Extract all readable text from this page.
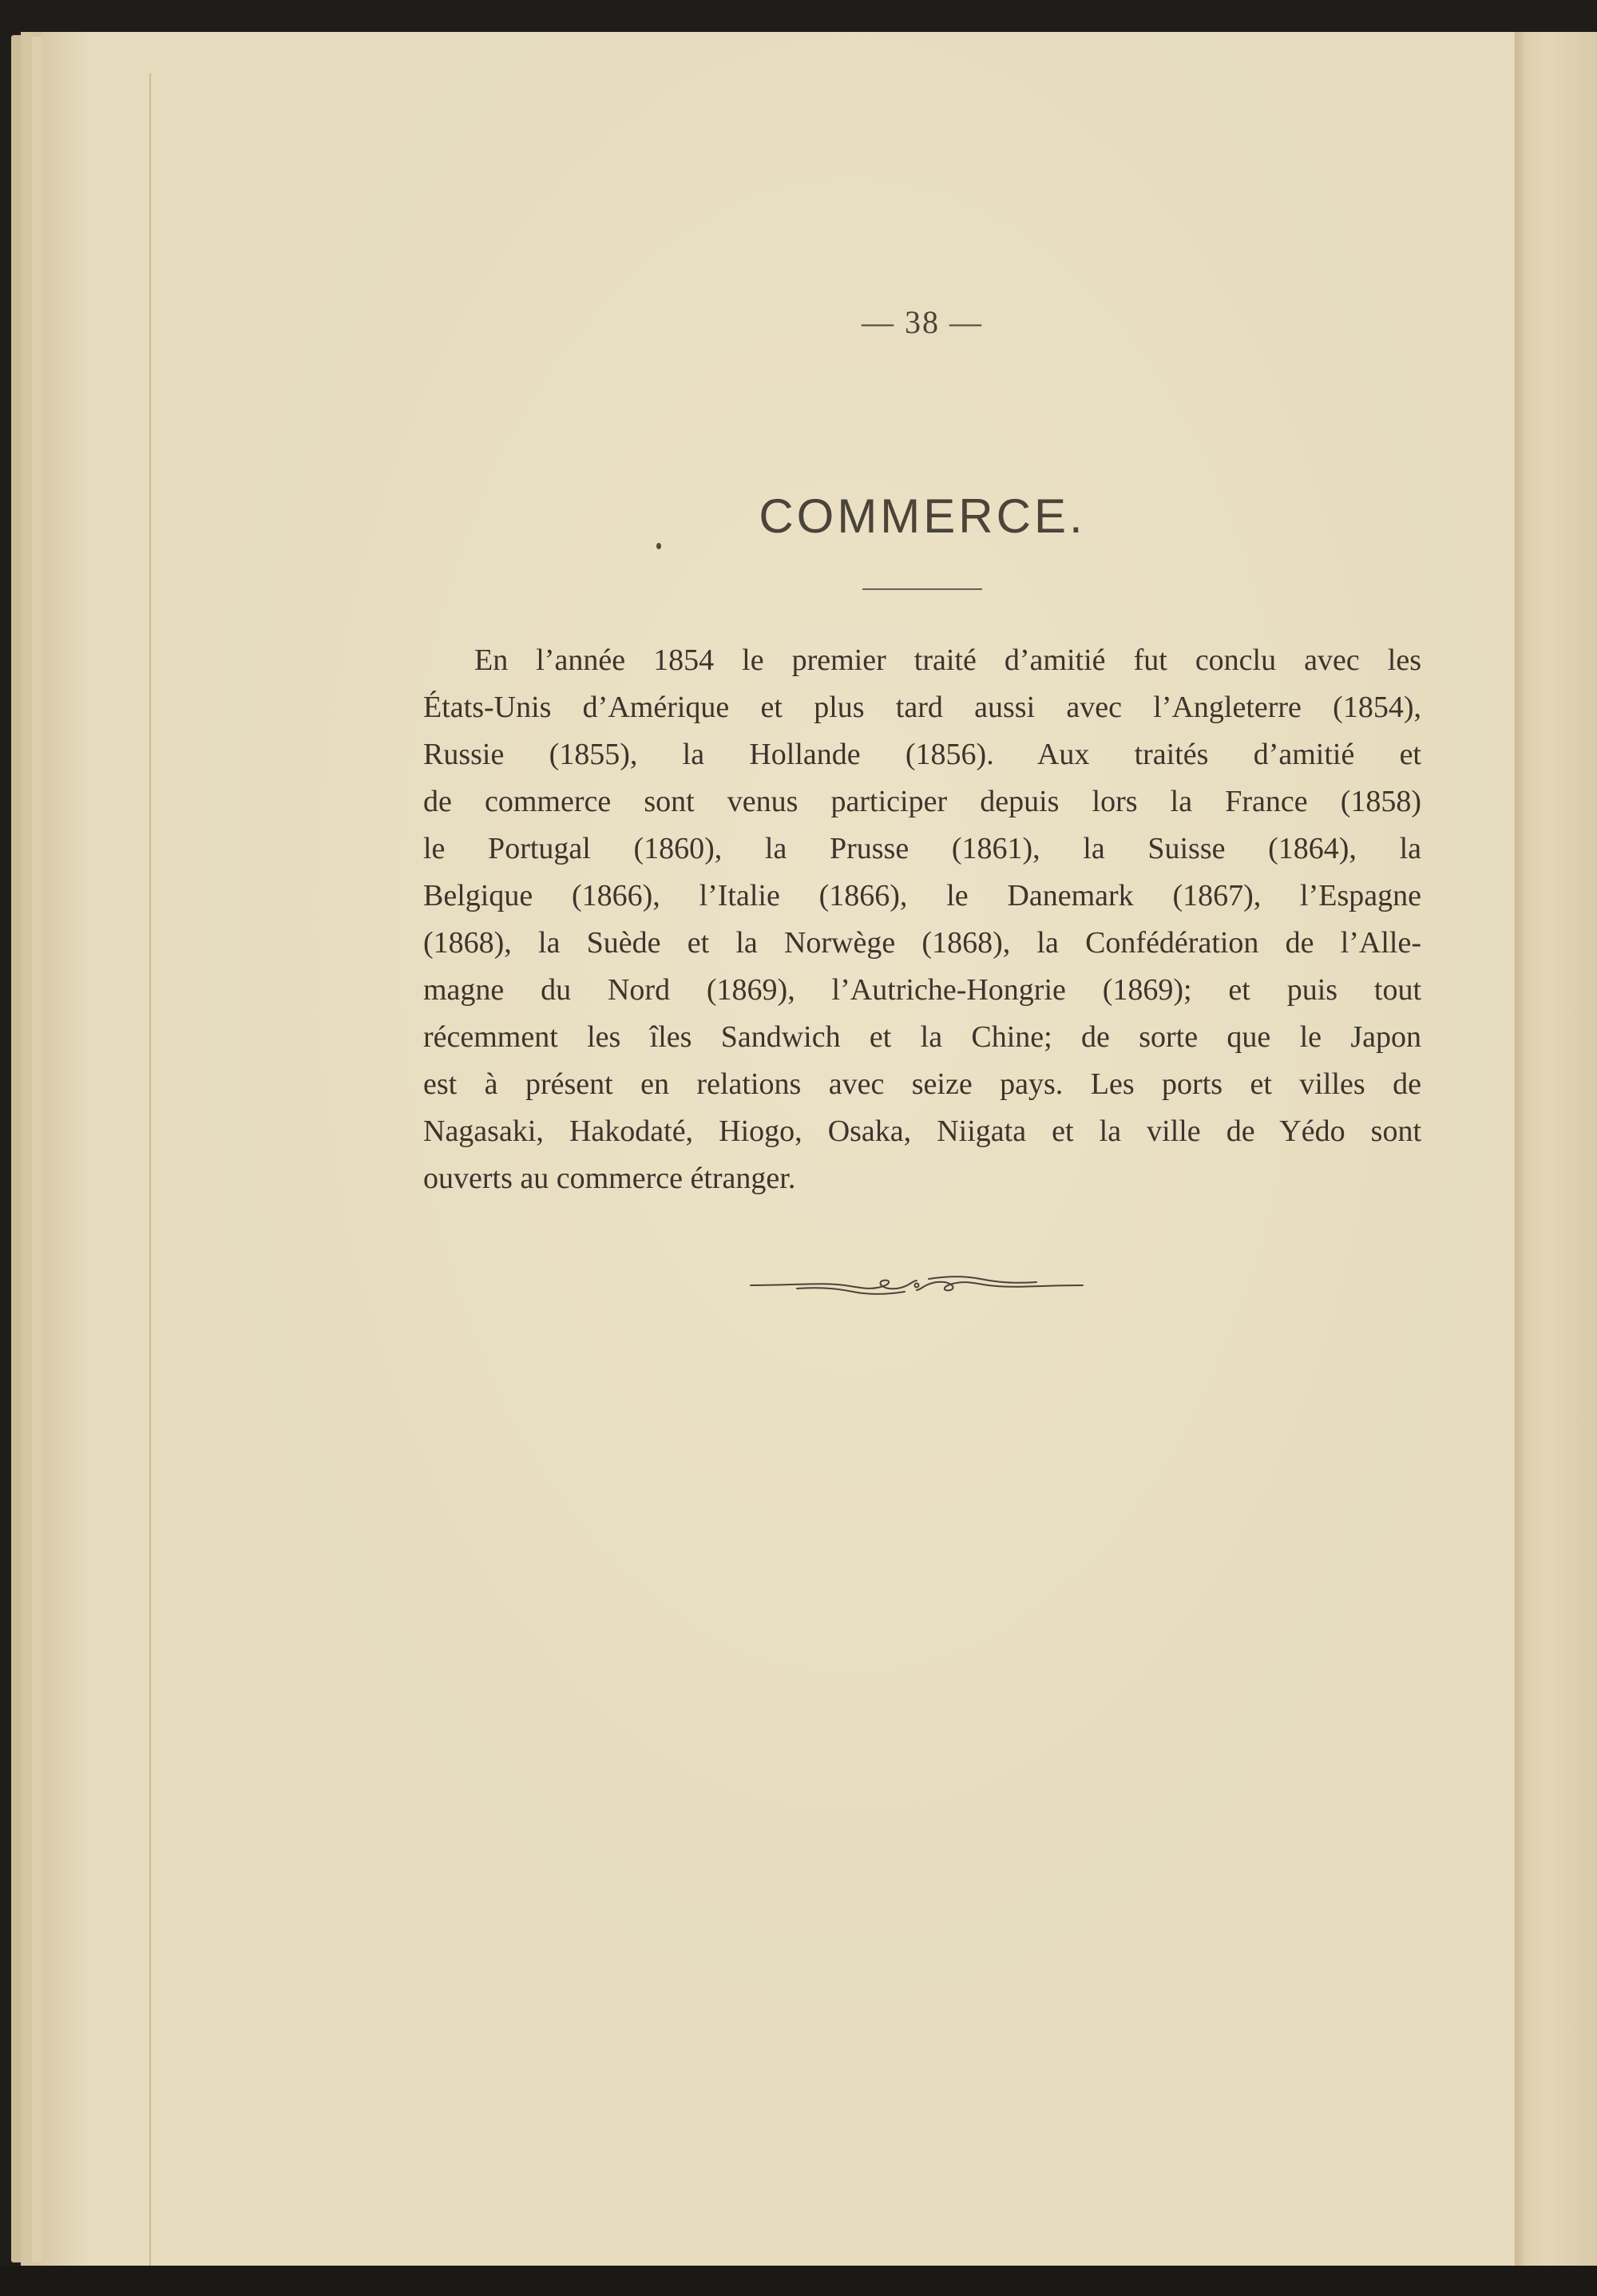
— 38 —
COMMERCE.
En l’année 1854 le premier traité d’amitié fut conclu avec les
États-Unis d’Amérique et plus tard aussi avec l’Angleterre (1854),
Russie (1855), la Hollande (1856). Aux traités d’amitié et
de commerce sont venus participer depuis lors la France (1858)
le Portugal (1860), la Prusse (1861), la Suisse (1864), la
Belgique (1866), l’Italie (1866), le Danemark (1867), l’Espagne
(1868), la Suède et la Norwège (1868), la Confédération de l’Alle-
magne du Nord (1869), l’Autriche-Hongrie (1869); et puis tout
récemment les îles Sandwich et la Chine; de sorte que le Japon
est à présent en relations avec seize pays. Les ports et villes de
Nagasaki, Hakodaté, Hiogo, Osaka, Niigata et la ville de Yédo sont
ouverts au commerce étranger.
